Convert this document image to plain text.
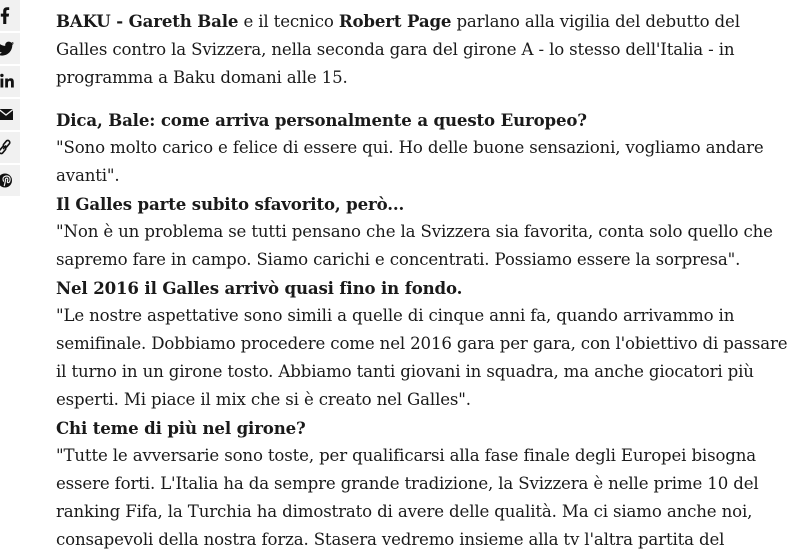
BAKU - Gareth Bale e il tecnico Robert Page parlano alla vigilia del debutto del Galles contro la Svizzera, nella seconda gara del girone A - lo stesso dell'Italia - in programma a Baku domani alle 15.

Dica, Bale: come arriva personalmente a questo Europeo?

"Sono molto carico e felice di essere qui. Ho delle buone sensazioni, vogliamo andare avanti".

Il Galles parte subito sfavorito, però...

"Non è un problema se tutti pensano che la Svizzera sia favorita, conta solo quello che sapremo fare in campo. Siamo carichi e concentrati. Possiamo essere la sorpresa".

Nel 2016 il Galles arrivò quasi fino in fondo.

"Le nostre aspettative sono simili a quelle di cinque anni fa, quando arrivammo in semifinale. Dobbiamo procedere come nel 2016 gara per gara, con l'obiettivo di passare il turno in un girone tosto. Abbiamo tanti giovani in squadra, ma anche giocatori più esperti. Mi piace il mix che si è creato nel Galles".

Chi teme di più nel girone?

"Tutte le avversarie sono toste, per qualificarsi alla fase finale degli Europei bisogna essere forti. L'Italia ha da sempre grande tradizione, la Svizzera è nelle prime 10 del ranking Fifa, la Turchia ha dimostrato di avere delle qualità. Ma ci siamo anche noi, consapevoli della nostra forza. Stasera vedremo insieme alla tv l'altra partita del
